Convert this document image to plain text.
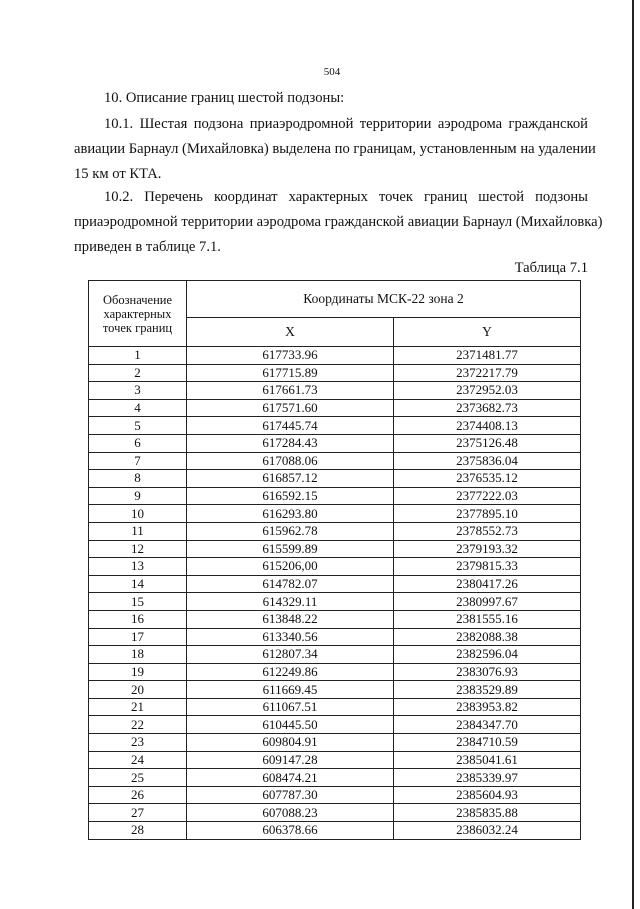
504
10. Описание границ шестой подзоны:
10.1. Шестая подзона приаэродромной территории аэродрома гражданской
авиации Барнаул (Михайловка) выделена по границам, установленным на удалении
15 км от КТА.
10.2. Перечень координат характерных точек границ шестой подзоны
приаэродромной территории аэродрома гражданской авиации Барнаул (Михайловка)
приведен в таблице 7.1.
Таблица 7.1
Обозначение характерных точек границ	Координаты МСК-22 зона 2	
	X	Y
1	617733.96	2371481.77
2	617715.89	2372217.79
3	617661.73	2372952.03
4	617571.60	2373682.73
5	617445.74	2374408.13
6	617284.43	2375126.48
7	617088.06	2375836.04
8	616857.12	2376535.12
9	616592.15	2377222.03
10	616293.80	2377895.10
11	615962.78	2378552.73
12	615599.89	2379193.32
13	615206,00	2379815.33
14	614782.07	2380417.26
15	614329.11	2380997.67
16	613848.22	2381555.16
17	613340.56	2382088.38
18	612807.34	2382596.04
19	612249.86	2383076.93
20	611669.45	2383529.89
21	611067.51	2383953.82
22	610445.50	2384347.70
23	609804.91	2384710.59
24	609147.28	2385041.61
25	608474.21	2385339.97
26	607787.30	2385604.93
27	607088.23	2385835.88
28	606378.66	2386032.24
